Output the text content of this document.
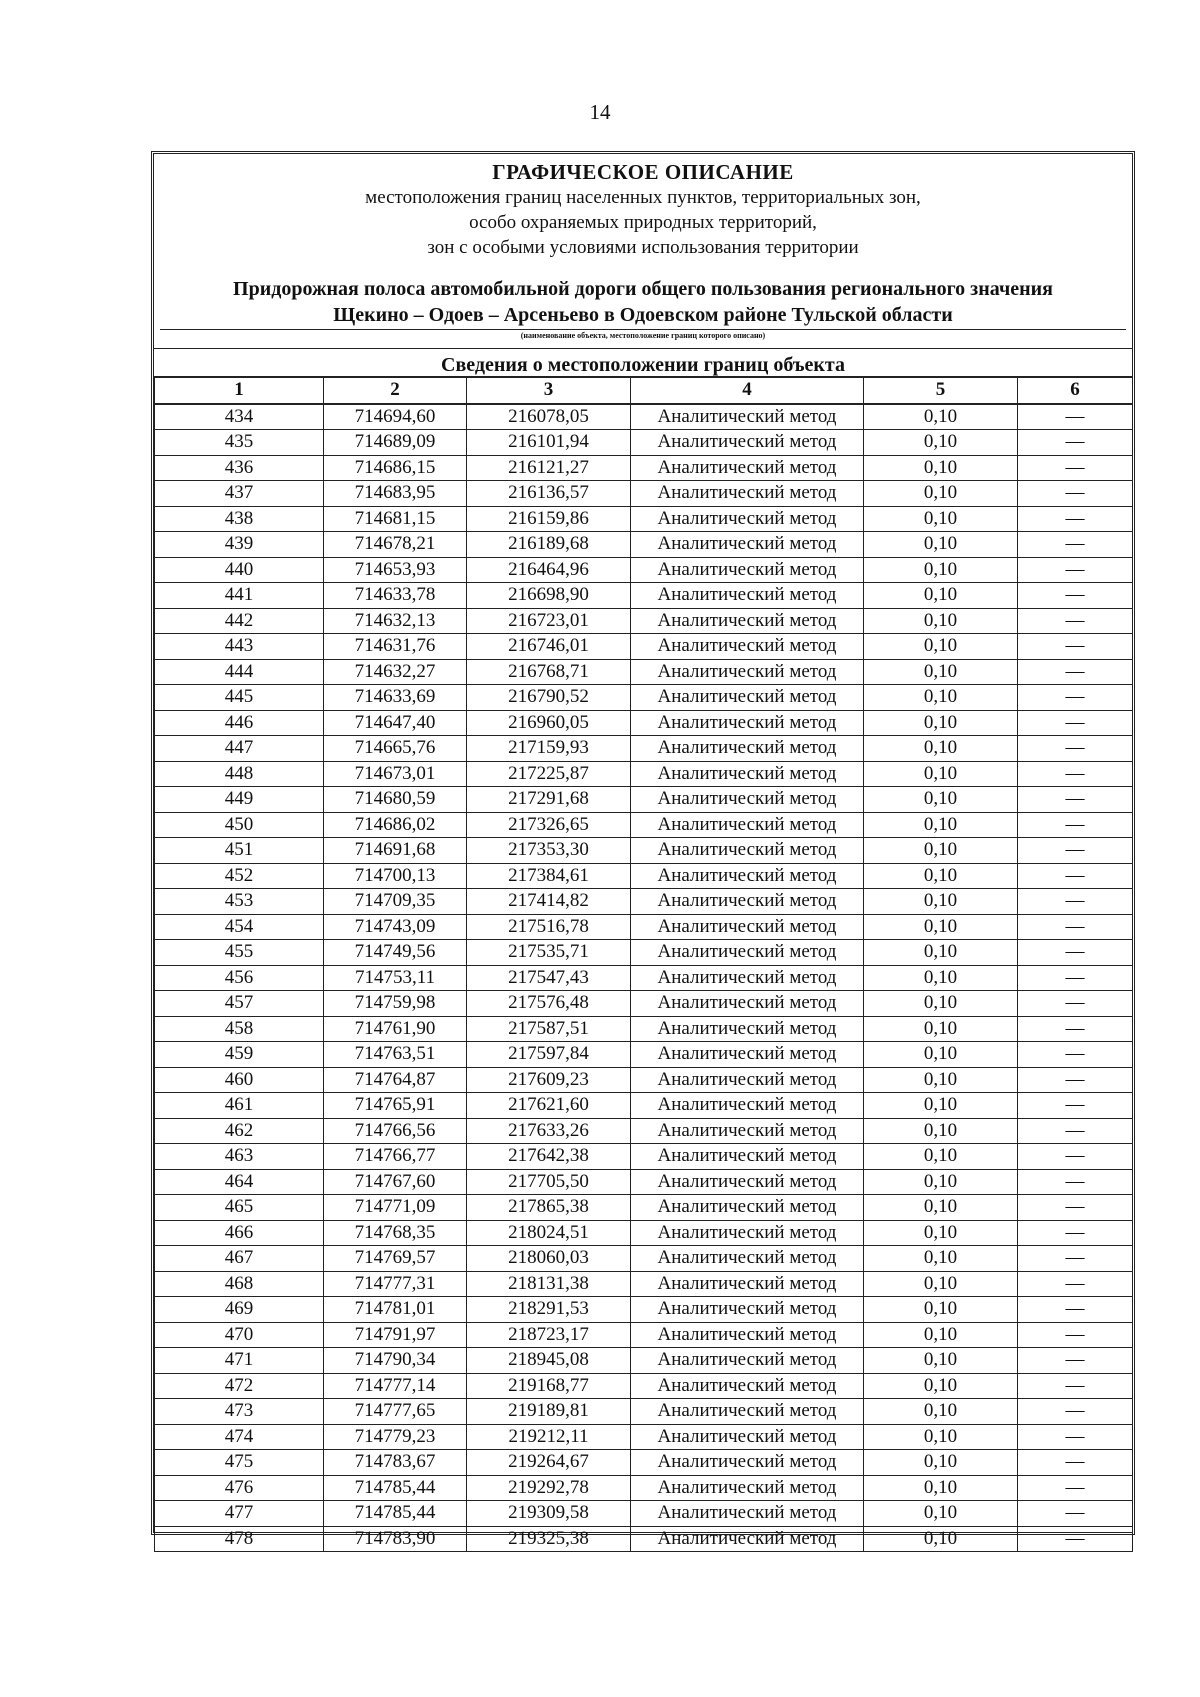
14
ГРАФИЧЕСКОЕ ОПИСАНИЕ
местоположения границ населенных пунктов, территориальных зон,
особо охраняемых природных территорий,
зон с особыми условиями использования территории
Придорожная полоса автомобильной дороги общего пользования регионального значения
Щекино – Одоев – Арсеньево в Одоевском районе Тульской области
(наименование объекта, местоположение границ которого описано)
Сведения о местоположении границ объекта
1	2	3	4	5	6
434	714694,60	216078,05	Аналитический метод	0,10	—
435	714689,09	216101,94	Аналитический метод	0,10	—
436	714686,15	216121,27	Аналитический метод	0,10	—
437	714683,95	216136,57	Аналитический метод	0,10	—
438	714681,15	216159,86	Аналитический метод	0,10	—
439	714678,21	216189,68	Аналитический метод	0,10	—
440	714653,93	216464,96	Аналитический метод	0,10	—
441	714633,78	216698,90	Аналитический метод	0,10	—
442	714632,13	216723,01	Аналитический метод	0,10	—
443	714631,76	216746,01	Аналитический метод	0,10	—
444	714632,27	216768,71	Аналитический метод	0,10	—
445	714633,69	216790,52	Аналитический метод	0,10	—
446	714647,40	216960,05	Аналитический метод	0,10	—
447	714665,76	217159,93	Аналитический метод	0,10	—
448	714673,01	217225,87	Аналитический метод	0,10	—
449	714680,59	217291,68	Аналитический метод	0,10	—
450	714686,02	217326,65	Аналитический метод	0,10	—
451	714691,68	217353,30	Аналитический метод	0,10	—
452	714700,13	217384,61	Аналитический метод	0,10	—
453	714709,35	217414,82	Аналитический метод	0,10	—
454	714743,09	217516,78	Аналитический метод	0,10	—
455	714749,56	217535,71	Аналитический метод	0,10	—
456	714753,11	217547,43	Аналитический метод	0,10	—
457	714759,98	217576,48	Аналитический метод	0,10	—
458	714761,90	217587,51	Аналитический метод	0,10	—
459	714763,51	217597,84	Аналитический метод	0,10	—
460	714764,87	217609,23	Аналитический метод	0,10	—
461	714765,91	217621,60	Аналитический метод	0,10	—
462	714766,56	217633,26	Аналитический метод	0,10	—
463	714766,77	217642,38	Аналитический метод	0,10	—
464	714767,60	217705,50	Аналитический метод	0,10	—
465	714771,09	217865,38	Аналитический метод	0,10	—
466	714768,35	218024,51	Аналитический метод	0,10	—
467	714769,57	218060,03	Аналитический метод	0,10	—
468	714777,31	218131,38	Аналитический метод	0,10	—
469	714781,01	218291,53	Аналитический метод	0,10	—
470	714791,97	218723,17	Аналитический метод	0,10	—
471	714790,34	218945,08	Аналитический метод	0,10	—
472	714777,14	219168,77	Аналитический метод	0,10	—
473	714777,65	219189,81	Аналитический метод	0,10	—
474	714779,23	219212,11	Аналитический метод	0,10	—
475	714783,67	219264,67	Аналитический метод	0,10	—
476	714785,44	219292,78	Аналитический метод	0,10	—
477	714785,44	219309,58	Аналитический метод	0,10	—
478	714783,90	219325,38	Аналитический метод	0,10	—
